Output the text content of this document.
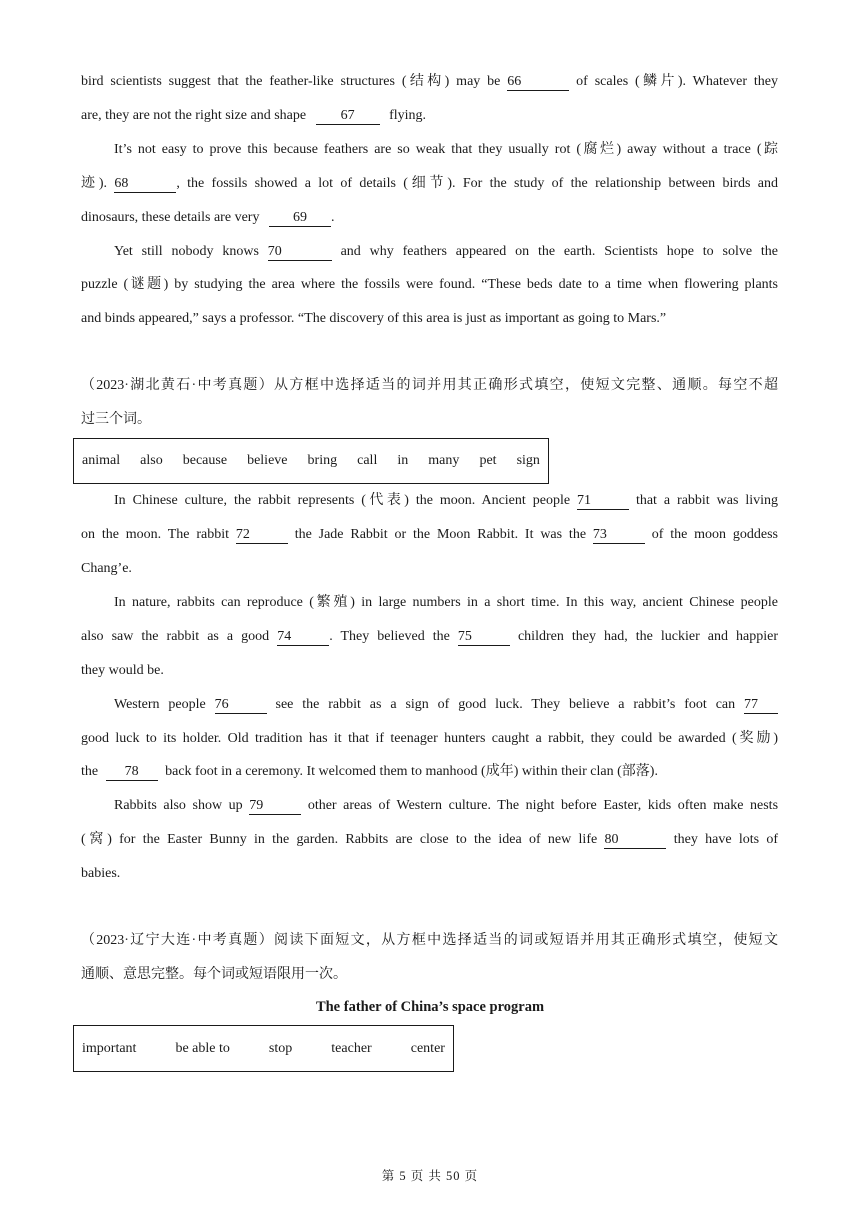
bird scientists suggest that the feather-like structures (结构) may be 66	of scales (鳞片). Whatever they
are, they are not the right size and shape 67 flying.
It’s not easy to prove this because feathers are so weak that they usually rot (腐烂) away without a trace (踪
迹). 68	, the fossils showed a lot of details (细节). For the study of the relationship between birds and
dinosaurs, these details are very 69 .
Yet still nobody knows 70	and why feathers appeared on the earth. Scientists hope to solve the
puzzle (谜题) by studying the area where the fossils were found. “These beds date to a time when flowering plants
and binds appeared,” says a professor. “The discovery of this area is just as important as going to Mars.”
（2023·湖北黄石·中考真题）从方框中选择适当的词并用其正确形式填空，使短文完整、通顺。每空不超
过三个词。
animal also because believe bring call in many pet sign
In Chinese culture, the rabbit represents (代表) the moon. Ancient people 71	that a rabbit was living
on the moon. The rabbit 72	the Jade Rabbit or the Moon Rabbit. It was the 73	of the moon goddess
Chang’e.
In nature, rabbits can reproduce (繁殖) in large numbers in a short time. In this way, ancient Chinese people
also saw the rabbit as a good 74	. They believed the 75	children they had, the luckier and happier
they would be.
Western people 76	see the rabbit as a sign of good luck. They believe a rabbit’s foot can 77
good luck to its holder. Old tradition has it that if teenager hunters caught a rabbit, they could be awarded (奖励)
the 78 back foot in a ceremony. It welcomed them to manhood (成年) within their clan (部落).
Rabbits also show up 79	other areas of Western culture. The night before Easter, kids often make nests
(窝) for the Easter Bunny in the garden. Rabbits are close to the idea of new life 80	they have lots of
babies.
（2023·辽宁大连·中考真题）阅读下面短文，从方框中选择适当的词或短语并用其正确形式填空，使短文
通顺、意思完整。每个词或短语限用一次。
The father of China’s space program
important	be able to	stop	teacher	center
第 5 页 共 50 页
